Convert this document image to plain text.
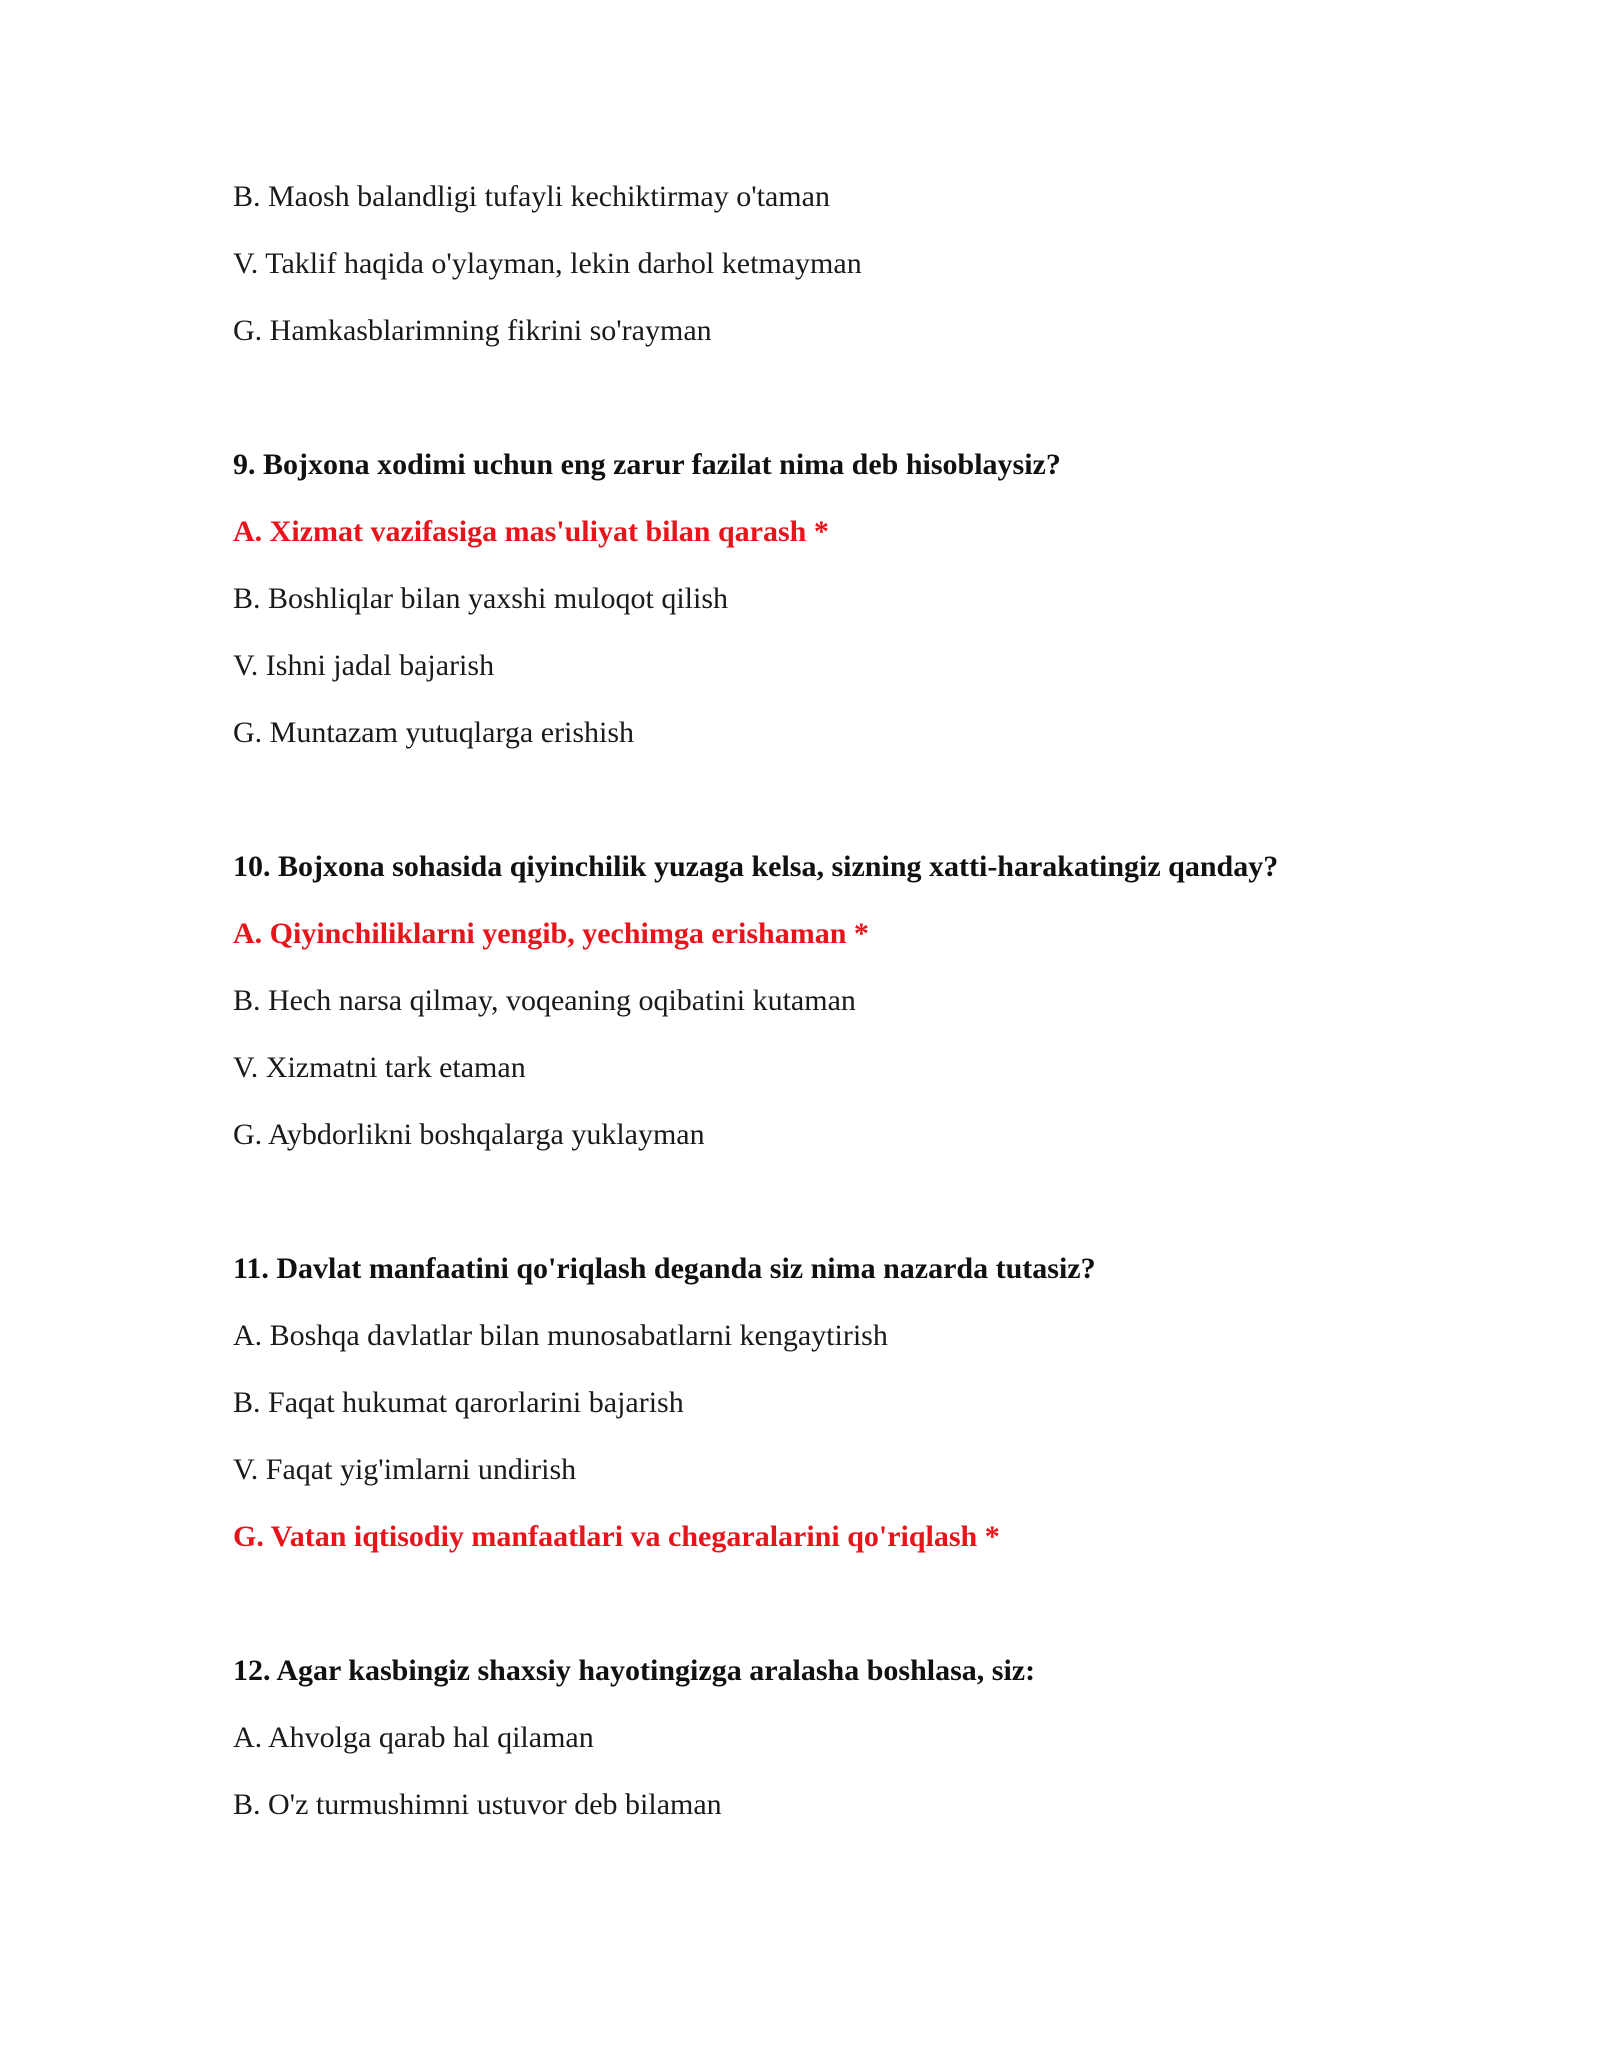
B. Maosh balandligi tufayli kechiktirmay o'taman
V. Taklif haqida o'ylayman, lekin darhol ketmayman
G. Hamkasblarimning fikrini so'rayman
9. Bojxona xodimi uchun eng zarur fazilat nima deb hisoblaysiz?
A. Xizmat vazifasiga mas'uliyat bilan qarash *
B. Boshliqlar bilan yaxshi muloqot qilish
V. Ishni jadal bajarish
G. Muntazam yutuqlarga erishish
10. Bojxona sohasida qiyinchilik yuzaga kelsa, sizning xatti-harakatingiz qanday?
A. Qiyinchiliklarni yengib, yechimga erishaman *
B. Hech narsa qilmay, voqeaning oqibatini kutaman
V. Xizmatni tark etaman
G. Aybdorlikni boshqalarga yuklayman
11. Davlat manfaatini qo'riqlash deganda siz nima nazarda tutasiz?
A. Boshqa davlatlar bilan munosabatlarni kengaytirish
B. Faqat hukumat qarorlarini bajarish
V. Faqat yig'imlarni undirish
G. Vatan iqtisodiy manfaatlari va chegaralarini qo'riqlash *
12. Agar kasbingiz shaxsiy hayotingizga aralasha boshlasa, siz:
A. Ahvolga qarab hal qilaman
B. O'z turmushimni ustuvor deb bilaman
